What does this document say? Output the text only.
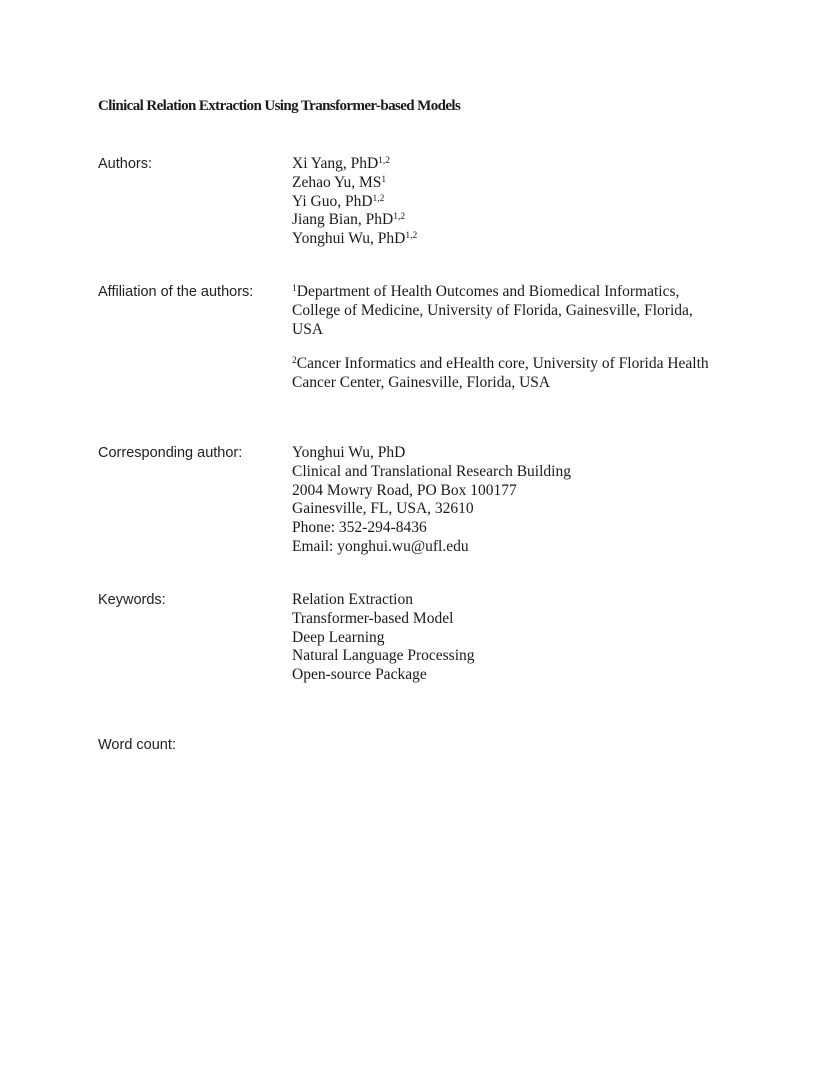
Clinical Relation Extraction Using Transformer-based Models
Authors:	Xi Yang, PhD$^{1,2}$
Zehao Yu, $MS^1$
Yi Guo, PhD$^{1,2}$
Jiang Bian, PhD$^{1,2}$
Yonghui Wu, PhD$^{1,2}$
Affiliation of the authors:	$^1$Department of Health Outcomes and Biomedical Informatics,
College of Medicine, University of Florida, Gainesville, Florida,
USA
$^2$Cancer Informatics and eHealth core, University of Florida Health
Cancer Center, Gainesville, Florida, USA
Corresponding author:	Yonghui Wu, PhD
Clinical and Translational Research Building
2004 Mowry Road, PO Box 100177
Gainesville, FL, USA, 32610
Phone: 352-294-8436
Email: yonghui.wu@ufl.edu
Keywords:	Relation Extraction
Transformer-based Model
Deep Learning
Natural Language Processing
Open-source Package
Word count:
